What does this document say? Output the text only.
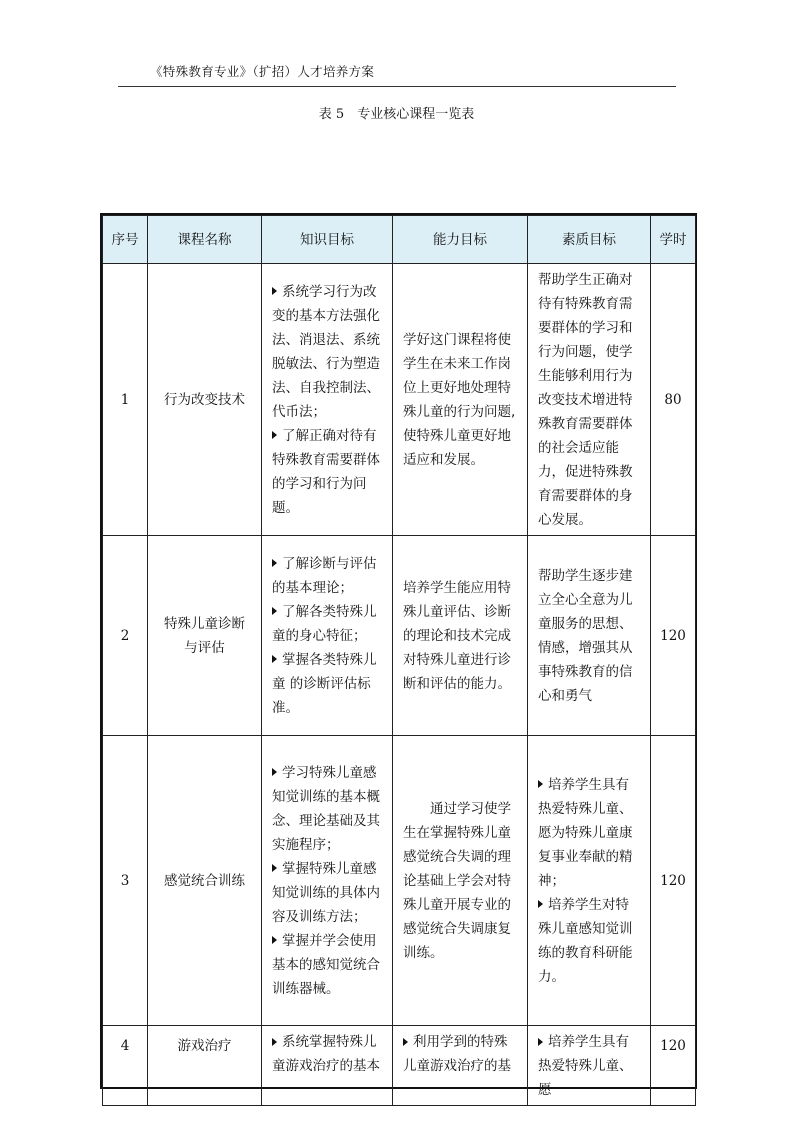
《特殊教育专业》（扩招）人才培养方案
表 5　专业核心课程一览表
序号	课程名称	知识目标	能力目标	素质目标	学时
1	行为改变技术	系统学习行为改变的基本方法强化法、消退法、系统脱敏法、行为塑造法、自我控制法、代币法；
了解正确对待有特殊教育需要群体的学习和行为问题。	学好这门课程将使学生在未来工作岗位上更好地处理特殊儿童的行为问题,使特殊儿童更好地适应和发展。	帮助学生正确对待有特殊教育需要群体的学习和行为问题，使学生能够利用行为改变技术增进特殊教育需要群体的社会适应能力，促进特殊教育需要群体的身心发展。	80
2	特殊儿童诊断与评估	了解诊断与评估的基本理论；
了解各类特殊儿童的身心特征；
掌握各类特殊儿童 的诊断评估标准。	培养学生能应用特殊儿童评估、诊断的理论和技术完成对特殊儿童进行诊断和评估的能力。	帮助学生逐步建立全心全意为儿童服务的思想、情感，增强其从事特殊教育的信心和勇气	120
3	感觉统合训练	学习特殊儿童感知觉训练的基本概念、理论基础及其实施程序；
掌握特殊儿童感知觉训练的具体内容及训练方法；
掌握并学会使用基本的感知觉统合训练器械。	通过学习使学生在掌握特殊儿童感觉统合失调的理论基础上学会对特殊儿童开展专业的感觉统合失调康复训练。	培养学生具有热爱特殊儿童、愿为特殊儿童康复事业奉献的精神；
培养学生对特殊儿童感知觉训练的教育科研能力。	120
4	游戏治疗	系统掌握特殊儿童游戏治疗的基本	利用学到的特殊儿童游戏治疗的基	培养学生具有热爱特殊儿童、愿	120
